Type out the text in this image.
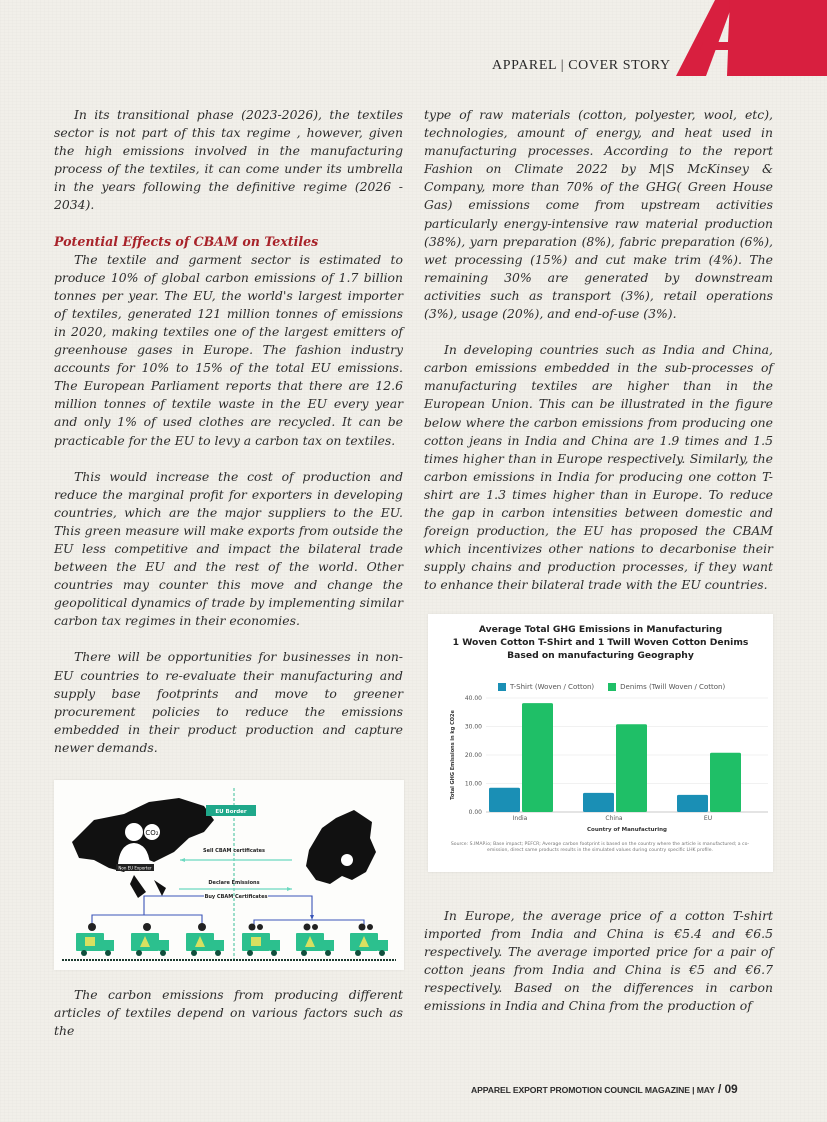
APPAREL | COVER STORY

In its transitional phase (2023-2026), the textiles sector is not part of this tax regime , however, given the high emissions involved in the manufacturing process of the textiles, it can come under its umbrella in the years following the definitive regime (2026 - 2034).

Potential Effects of CBAM on Textiles

The textile and garment sector is estimated to produce 10% of global carbon emissions of 1.7 billion tonnes per year. The EU, the world's largest importer of textiles, generated 121 million tonnes of emissions in 2020, making textiles one of the largest emitters of greenhouse gases in Europe. The fashion industry accounts for 10% to 15% of the total EU emissions. The European Parliament reports that there are 12.6 million tonnes of textile waste in the EU every year and only 1% of used clothes are recycled. It can be practicable for the EU to levy a carbon tax on textiles.

This would increase the cost of production and reduce the marginal profit for exporters in developing countries, which are the major suppliers to the EU. This green measure will make exports from outside the EU less competitive and impact the bilateral trade between the EU and the rest of the world. Other countries may counter this move and change the geopolitical dynamics of trade by implementing similar carbon tax regimes in their economies.

There will be opportunities for businesses in non-EU countries to re-evaluate their manufacturing and supply base footprints and move to greener procurement policies to reduce the emissions embedded in their product production and capture newer demands.

Non EU Exporter
CO₂
EU Border
Sell CBAM certificates
Declare Emissions
Buy CBAM Certificates

The carbon emissions from producing different articles of textiles depend on various factors such as the

type of raw materials (cotton, polyester, wool, etc), technologies, amount of energy, and heat used in manufacturing processes. According to the report Fashion on Climate 2022 by M|S McKinsey & Company, more than 70% of the GHG( Green House Gas) emissions come from upstream activities particularly energy-intensive raw material production (38%), yarn preparation (8%), fabric preparation (6%), wet processing (15%) and cut make trim (4%). The remaining 30% are generated by downstream activities such as transport (3%), retail operations (3%), usage (20%), and end-of-use (3%).

In developing countries such as India and China, carbon emissions embedded in the sub-processes of manufacturing textiles are higher than in the European Union. This can be illustrated in the figure below where the carbon emissions from producing one cotton jeans in India and China are 1.9 times and 1.5 times higher than in Europe respectively. Similarly, the carbon emissions in India for producing one cotton T-shirt are 1.3 times higher than in Europe. To reduce the gap in carbon intensities between domestic and foreign production, the EU has proposed the CBAM which incentivizes other nations to decarbonise their supply chains and production processes, if they want to enhance their bilateral trade with the EU countries.

Average Total GHG Emissions in Manufacturing
1 Woven Cotton T-Shirt and 1 Twill Woven Cotton Denims
Based on manufacturing Geography
T-Shirt (Woven / Cotton)	Denims (Twill Woven / Cotton)
0.00
10.00
20.00
30.00
40.00
India	China	EU
Country of Manufacturing
Total GHG Emissions in kg CO2e
Source: S.IMAP.io; Base impact; PEFCR; Average carbon footprint is based on the country where the article is manufactured; a co-emission, direct same products results in the simulated values during country specific LHK profile.

In Europe, the average price of a cotton T-shirt imported from India and China is €5.4 and €6.5 respectively. The average imported price for a pair of cotton jeans from India and China is €5 and €6.7 respectively. Based on the differences in carbon emissions in India and China from the production of

APPAREL EXPORT PROMOTION COUNCIL MAGAZINE | MAY / 09
